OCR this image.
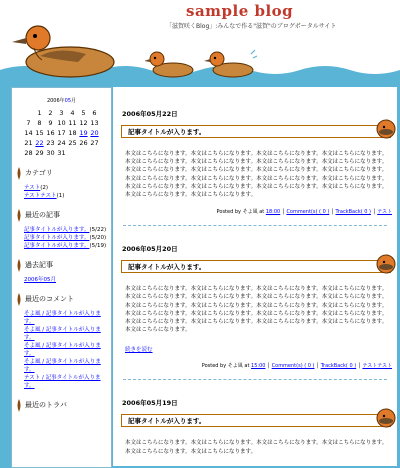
sample blog
「滋賀咲くBlog」:みんなで作る"滋賀"のブログポータルサイト
2006年05月
	1	2	3	4	5	6
7	8	9	10	11	12	13
14	15	16	17	18	19	20
21	22	23	24	25	26	27
28	29	30	31			
カテゴリ
テスト(2)
テストテスト(1)
最近の記事
記事タイトルが入ります。(5/22)
記事タイトルが入ります。(5/20)
記事タイトルが入ります。(5/19)
過去記事
2006年05月
最近のコメント
そよ風 / 記事タイトルが入ります。
そよ風 / 記事タイトルが入ります。
そよ風 / 記事タイトルが入ります。
そよ風 / 記事タイトルが入ります。
テスト / 記事タイトルが入ります。
最近のトラバ
2006年05月22日
記事タイトルが入ります。
本文はこちらになります。本文はこちらになります。本文はこちらになります。本文はこちらになります。本文はこちらになります。本文はこちらになります。本文はこちらになります。本文はこちらになります。本文はこちらになります。本文はこちらになります。本文はこちらになります。本文はこちらになります。本文はこちらになります。本文はこちらになります。本文はこちらになります。本文はこちらになります。本文はこちらになります。本文はこちらになります。本文はこちらになります。本文はこちらになります。本文はこちらになります。本文はこちらになります。
Posted by そよ風 at 18:00 │ Comment(s) ( 0 ) │ TrackBack( 0 ) │ テスト
2006年05月20日
記事タイトルが入ります。
本文はこちらになります。本文はこちらになります。本文はこちらになります。本文はこちらになります。本文はこちらになります。本文はこちらになります。本文はこちらになります。本文はこちらになります。本文はこちらになります。本文はこちらになります。本文はこちらになります。本文はこちらになります。本文はこちらになります。本文はこちらになります。本文はこちらになります。本文はこちらになります。本文はこちらになります。本文はこちらになります。本文はこちらになります。本文はこちらになります。本文はこちらになります。
続きを読む
Posted by そよ風 at 15:00 │ Comment(s) ( 0 ) │ TrackBack( 0 ) │ テストテスト
2006年05月19日
記事タイトルが入ります。
本文はこちらになります。本文はこちらになります。本文はこちらになります。本文はこちらになります。本文はこちらになります。本文はこちらになります。
